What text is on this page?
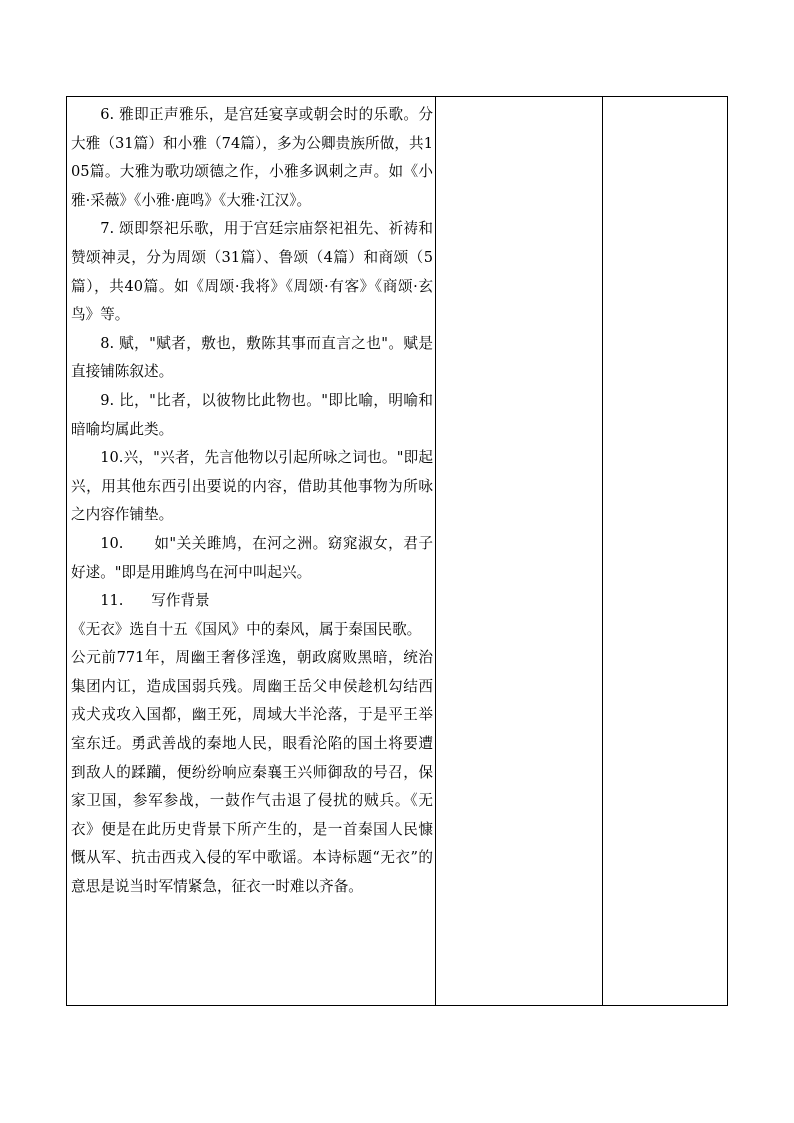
6. 雅即正声雅乐，是宫廷宴享或朝会时的乐歌。分大雅（31篇）和小雅（74篇），多为公卿贵族所做，共105篇。大雅为歌功颂德之作，小雅多讽刺之声。如《小雅·采薇》《小雅·鹿鸣》《大雅·江汉》。

7. 颂即祭祀乐歌，用于宫廷宗庙祭祀祖先、祈祷和赞颂神灵，分为周颂（31篇）、鲁颂（4篇）和商颂（5篇），共40篇。如《周颂·我将》《周颂·有客》《商颂·玄鸟》等。

8. 赋，"赋者，敷也，敷陈其事而直言之也"。赋是直接铺陈叙述。

9. 比，"比者，以彼物比此物也。"即比喻，明喻和暗喻均属此类。

10.兴，"兴者，先言他物以引起所咏之词也。"即起兴，用其他东西引出要说的内容，借助其他事物为所咏之内容作铺垫。

10.      如"关关雎鸠，在河之洲。窈窕淑女，君子好逑。"即是用雎鸠鸟在河中叫起兴。

11.      写作背景

《无衣》选自十五《国风》中的秦风，属于秦国民歌。

公元前771年，周幽王奢侈淫逸，朝政腐败黑暗，统治集团内讧，造成国弱兵残。周幽王岳父申侯趁机勾结西戎犬戎攻入国都，幽王死，周域大半沦落，于是平王举室东迁。勇武善战的秦地人民，眼看沦陷的国土将要遭到敌人的蹂躏，便纷纷响应秦襄王兴师御敌的号召，保家卫国，参军参战，一鼓作气击退了侵扰的贼兵。《无衣》便是在此历史背景下所产生的，是一首秦国人民慷慨从军、抗击西戎入侵的军中歌谣。本诗标题“无衣”的意思是说当时军情紧急，征衣一时难以齐备。
